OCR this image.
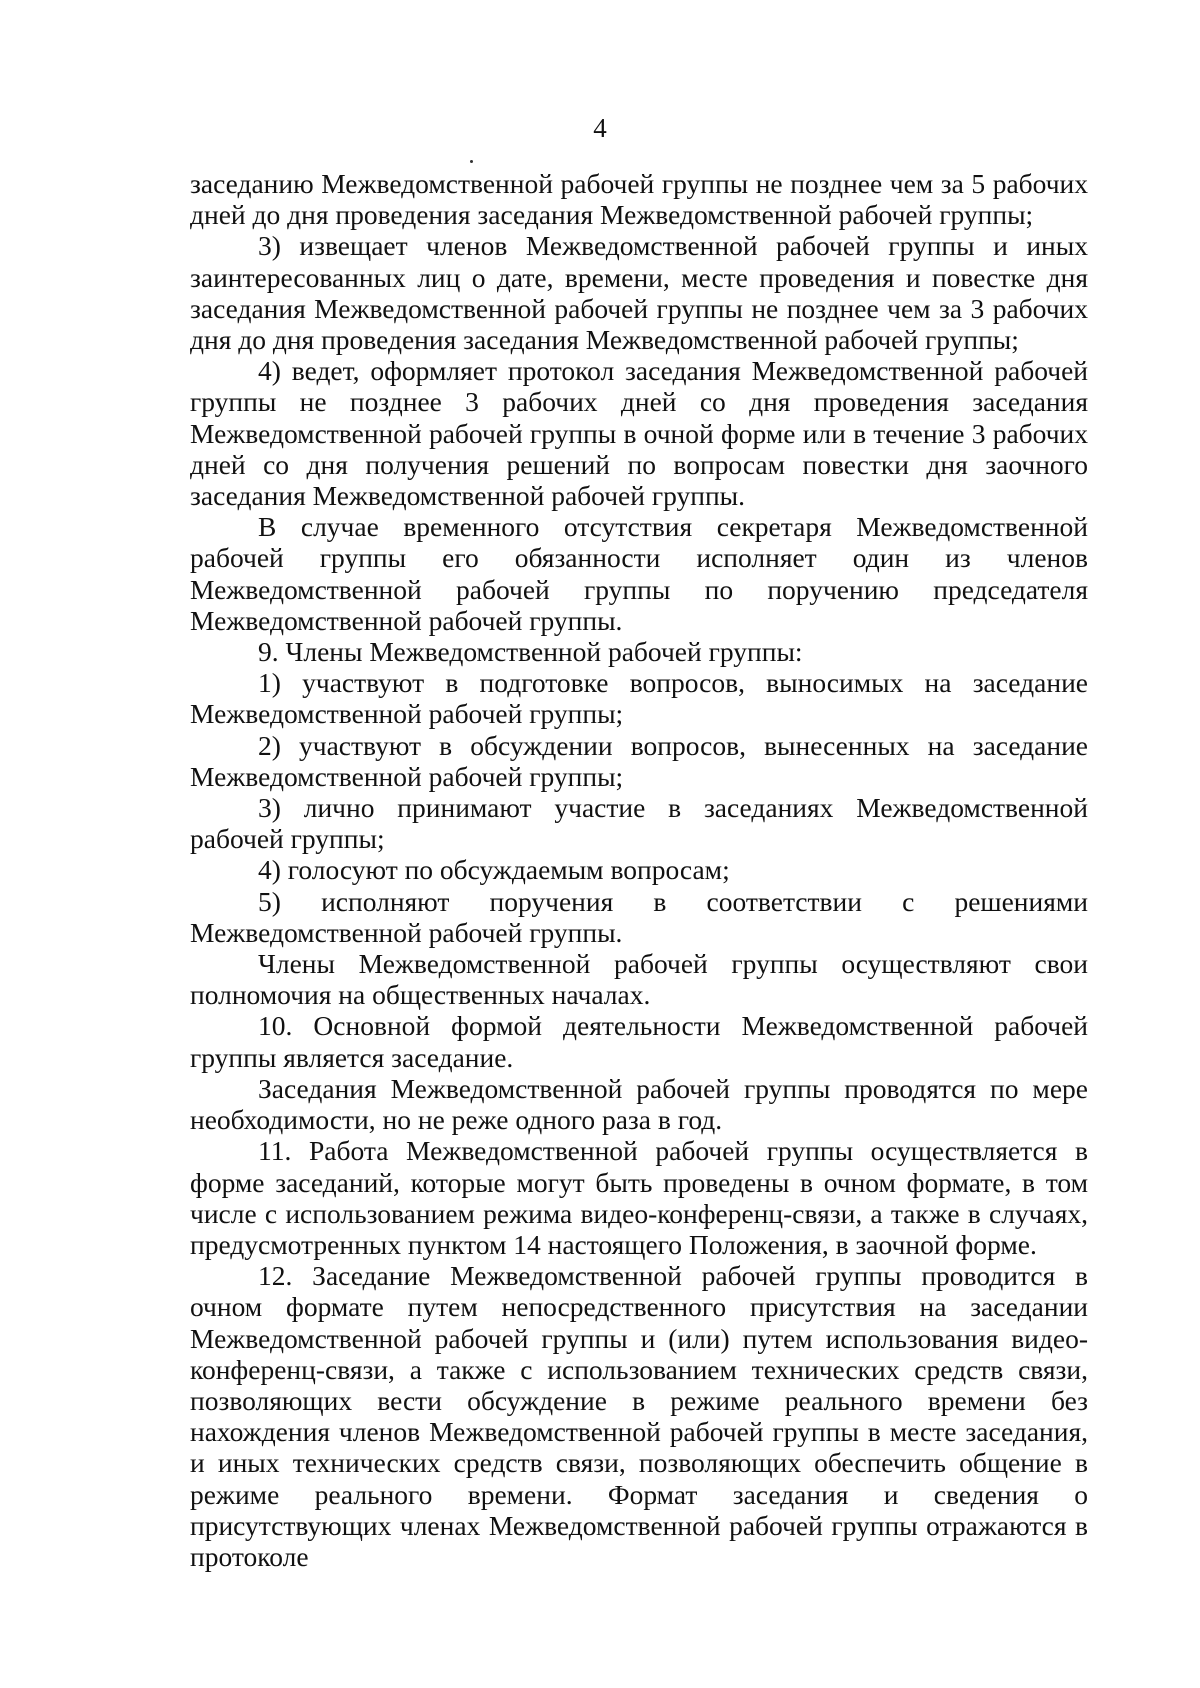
4

заседанию Межведомственной рабочей группы не позднее чем за 5 рабочих дней до дня проведения заседания Межведомственной рабочей группы;

3) извещает членов Межведомственной рабочей группы и иных заинтересованных лиц о дате, времени, месте проведения и повестке дня заседания Межведомственной рабочей группы не позднее чем за 3 рабочих дня до дня проведения заседания Межведомственной рабочей группы;

4) ведет, оформляет протокол заседания Межведомственной рабочей группы не позднее 3 рабочих дней со дня проведения заседания Межведомственной рабочей группы в очной форме или в течение 3 рабочих дней со дня получения решений по вопросам повестки дня заочного заседания Межведомственной рабочей группы.

В случае временного отсутствия секретаря Межведомственной рабочей группы его обязанности исполняет один из членов Межведомственной рабочей группы по поручению председателя Межведомственной рабочей группы.

9. Члены Межведомственной рабочей группы:

1) участвуют в подготовке вопросов, выносимых на заседание Межведомственной рабочей группы;

2) участвуют в обсуждении вопросов, вынесенных на заседание Межведомственной рабочей группы;

3) лично принимают участие в заседаниях Межведомственной рабочей группы;

4) голосуют по обсуждаемым вопросам;

5) исполняют поручения в соответствии с решениями Межведомственной рабочей группы.

Члены Межведомственной рабочей группы осуществляют свои полномочия на общественных началах.

10. Основной формой деятельности Межведомственной рабочей группы является заседание.

Заседания Межведомственной рабочей группы проводятся по мере необходимости, но не реже одного раза в год.

11. Работа Межведомственной рабочей группы осуществляется в форме заседаний, которые могут быть проведены в очном формате, в том числе с использованием режима видео-конференц-связи, а также в случаях, предусмотренных пунктом 14 настоящего Положения, в заочной форме.

12. Заседание Межведомственной рабочей группы проводится в очном формате путем непосредственного присутствия на заседании Межведомственной рабочей группы и (или) путем использования видео-конференц-связи, а также с использованием технических средств связи, позволяющих вести обсуждение в режиме реального времени без нахождения членов Межведомственной рабочей группы в месте заседания, и иных технических средств связи, позволяющих обеспечить общение в режиме реального времени. Формат заседания и сведения о присутствующих членах Межведомственной рабочей группы отражаются в протоколе
